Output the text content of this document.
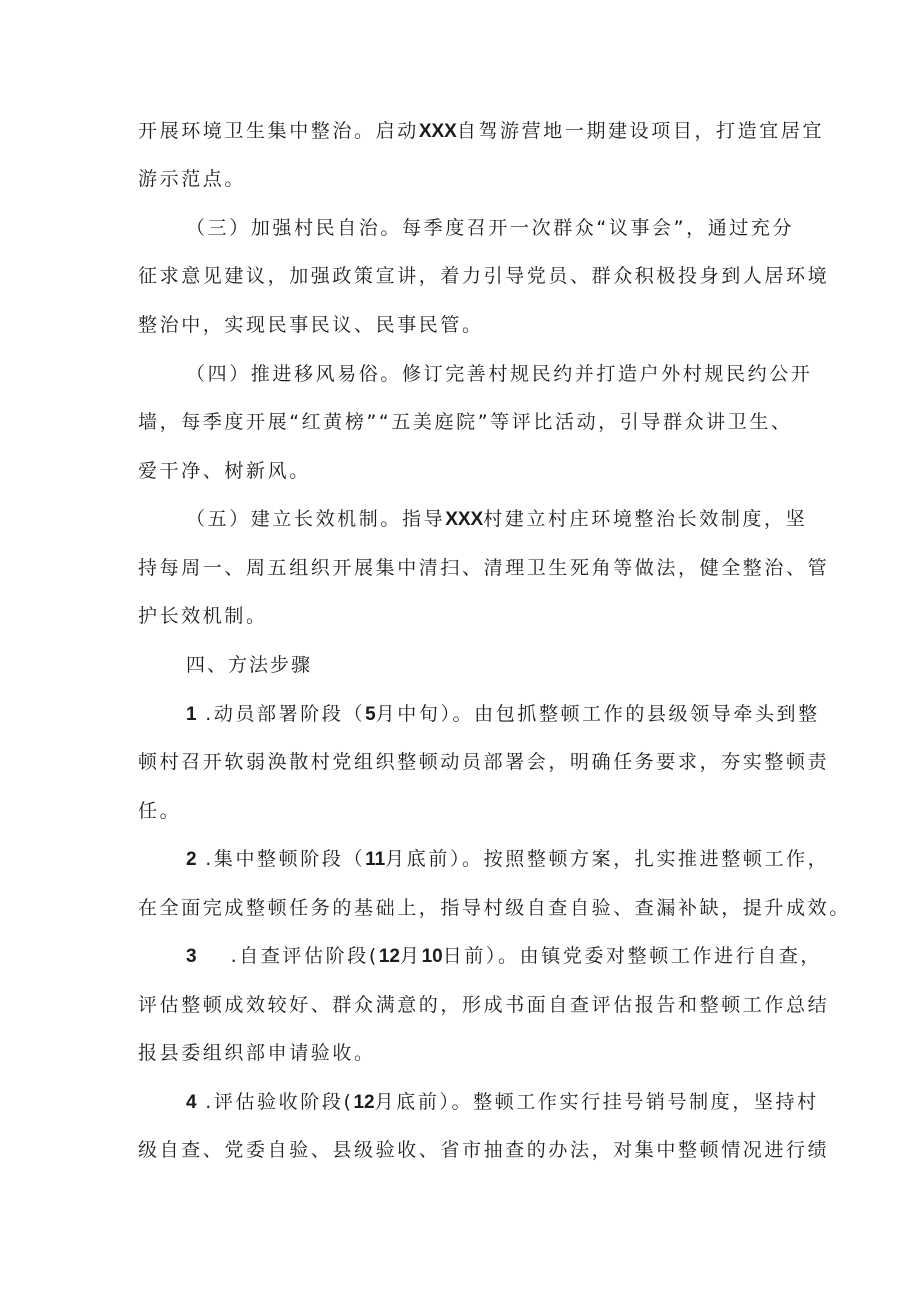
开展环境卫生集中整治。启动XXX自驾游营地一期建设项目，打造宜居宜
游示范点。
（三）加强村民自治。每季度召开一次群众“议事会”，通过充分
征求意见建议，加强政策宣讲，着力引导党员、群众积极投身到人居环境
整治中，实现民事民议、民事民管。
（四）推进移风易俗。修订完善村规民约并打造户外村规民约公开
墙，每季度开展“红黄榜”“五美庭院”等评比活动，引导群众讲卫生、
爱干净、树新风。
（五）建立长效机制。指导XXX村建立村庄环境整治长效制度，坚
持每周一、周五组织开展集中清扫、清理卫生死角等做法，健全整治、管
护长效机制。
四、方法步骤
1 .动员部署阶段（5月中旬）。由包抓整顿工作的县级领导牵头到整
顿村召开软弱涣散村党组织整顿动员部署会，明确任务要求，夯实整顿责
任。
2 .集中整顿阶段（11月底前）。按照整顿方案，扎实推进整顿工作，
在全面完成整顿任务的基础上，指导村级自查自验、查漏补缺，提升成效。
3 .自查评估阶段(12月10日前）。由镇党委对整顿工作进行自查，
评估整顿成效较好、群众满意的，形成书面自查评估报告和整顿工作总结
报县委组织部申请验收。
4 .评估验收阶段(12月底前）。整顿工作实行挂号销号制度，坚持村
级自查、党委自验、县级验收、省市抽查的办法，对集中整顿情况进行绩
